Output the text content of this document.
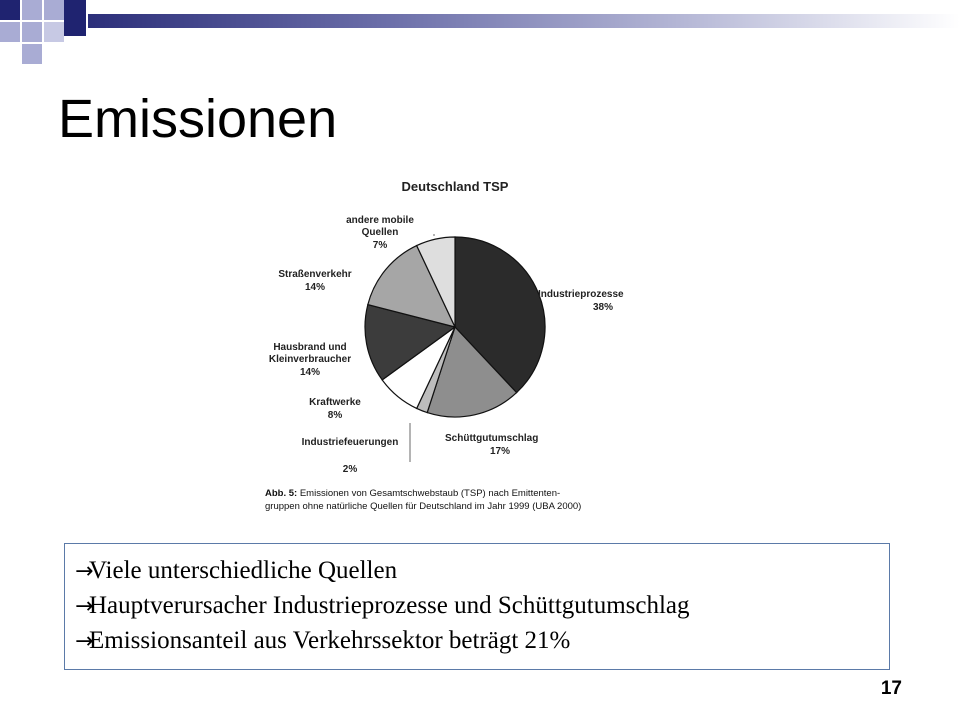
Emissionen
Deutschland TSP
Industrieprozesse 38%
Schüttgutumschlag 17%
Industriefeuerungen 2%
Kraftwerke 8%
Hausbrand und Kleinverbraucher 14%
Straßenverkehr 14%
andere mobile Quellen 7%
Abb. 5: Emissionen von Gesamtschwebstaub (TSP) nach Emittenten-
gruppen ohne natürliche Quellen für Deutschland im Jahr 1999 (UBA 2000)
→Viele unterschiedliche Quellen
→Hauptverursacher Industrieprozesse und Schüttgutumschlag
→Emissionsanteil aus Verkehrssektor beträgt 21%
17
